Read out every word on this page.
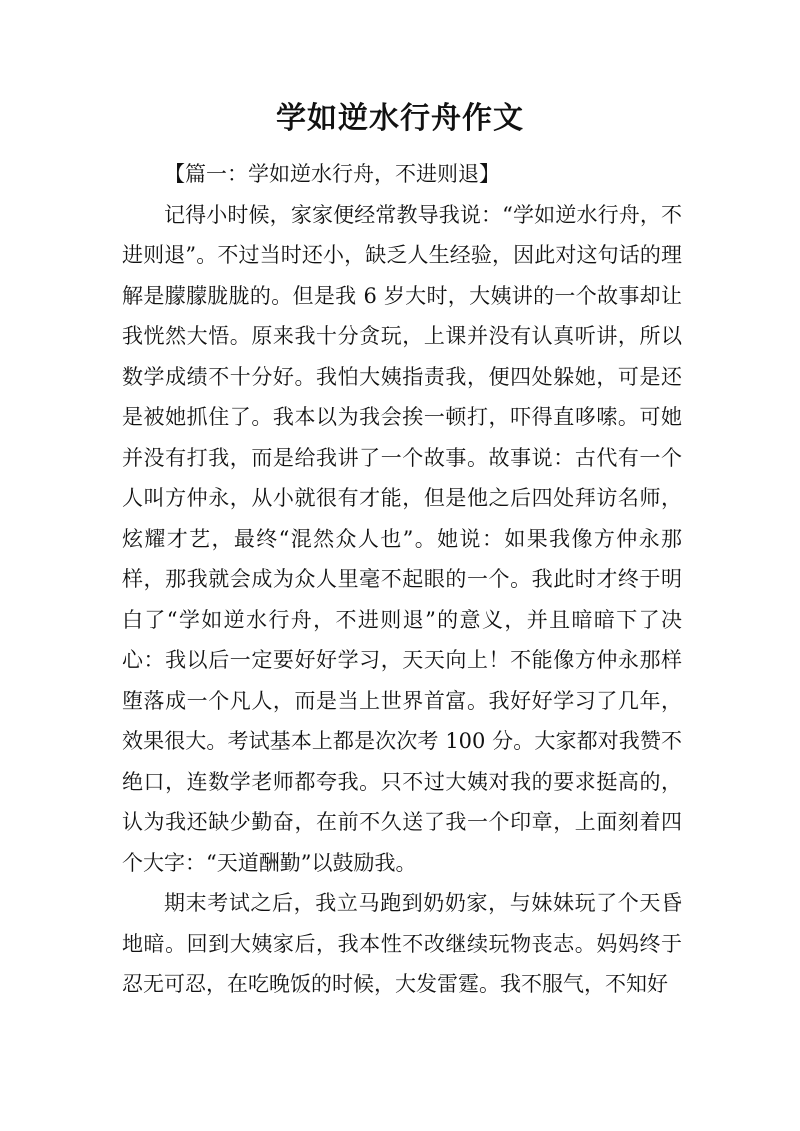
学如逆水行舟作文

【篇一：学如逆水行舟，不进则退】

记得小时候，家家便经常教导我说：“学如逆水行舟，不进则退”。不过当时还小，缺乏人生经验，因此对这句话的理解是朦朦胧胧的。但是我 6 岁大时，大姨讲的一个故事却让我恍然大悟。原来我十分贪玩，上课并没有认真听讲，所以数学成绩不十分好。我怕大姨指责我，便四处躲她，可是还是被她抓住了。我本以为我会挨一顿打，吓得直哆嗦。可她并没有打我，而是给我讲了一个故事。故事说：古代有一个人叫方仲永，从小就很有才能，但是他之后四处拜访名师，炫耀才艺，最终“混然众人也”。她说：如果我像方仲永那样，那我就会成为众人里毫不起眼的一个。我此时才终于明白了“学如逆水行舟，不进则退”的意义，并且暗暗下了决心：我以后一定要好好学习，天天向上！不能像方仲永那样堕落成一个凡人，而是当上世界首富。我好好学习了几年，效果很大。考试基本上都是次次考 100 分。大家都对我赞不绝口，连数学老师都夸我。只不过大姨对我的要求挺高的，认为我还缺少勤奋，在前不久送了我一个印章，上面刻着四个大字：“天道酬勤”以鼓励我。

期末考试之后，我立马跑到奶奶家，与妹妹玩了个天昏地暗。回到大姨家后，我本性不改继续玩物丧志。妈妈终于忍无可忍，在吃晚饭的时候，大发雷霆。我不服气，不知好
